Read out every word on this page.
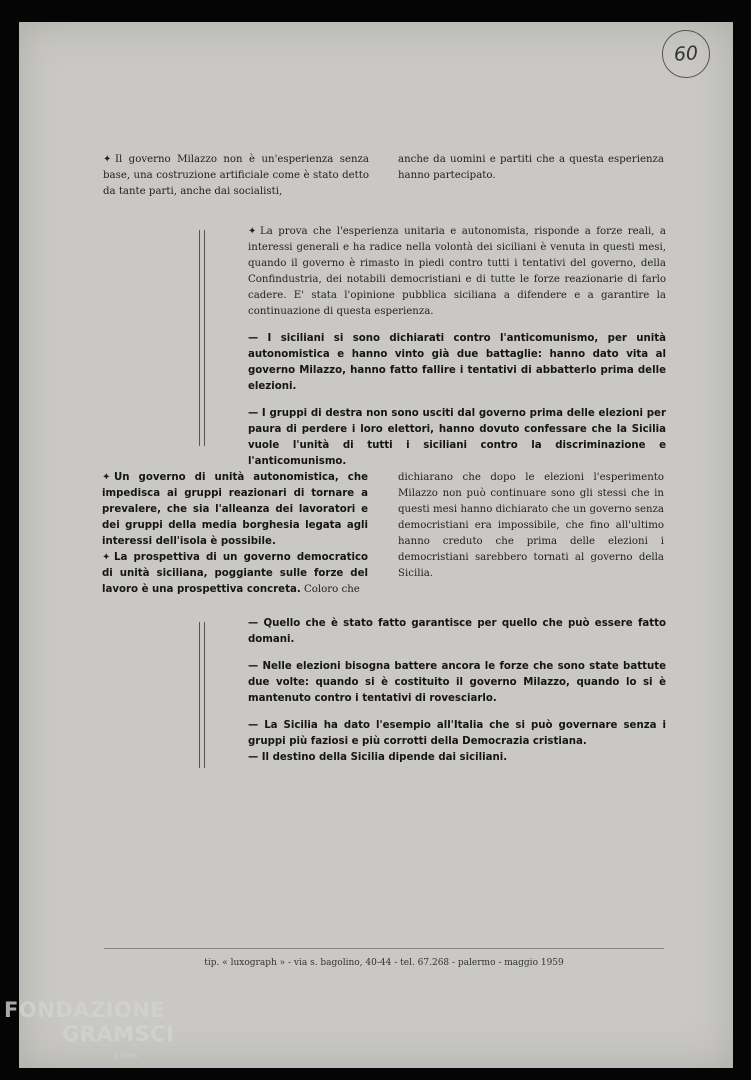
60
✦ Il governo Milazzo non è un'esperienza senza base, una costruzione artificiale come è stato detto da tante parti, anche dai socialisti,
anche da uomini e partiti che a questa esperienza hanno partecipato.

✦ La prova che l'esperienza unitaria e autonomista, risponde a forze reali, a interessi generali e ha radice nella volontà dei siciliani è venuta in questi mesi, quando il governo è rimasto in piedi contro tutti i tentativi del governo, della Confindustria, dei notabili democristiani e di tutte le forze reazionarie di farlo cadere. E' stata l'opinione pubblica siciliana a difendere e a garantire la continuazione di questa esperienza.

— I siciliani si sono dichiarati contro l'anticomunismo, per unità autonomistica e hanno vinto già due battaglie: hanno dato vita al governo Milazzo, hanno fatto fallire i tentativi di abbatterlo prima delle elezioni.

— I gruppi di destra non sono usciti dal governo prima delle elezioni per paura di perdere i loro elettori, hanno dovuto confessare che la Sicilia vuole l'unità di tutti i siciliani contro la discriminazione e l'anticomunismo.

✦ Un governo di unità autonomistica, che impedisca ai gruppi reazionari di tornare a prevalere, che sia l'alleanza dei lavoratori e dei gruppi della media borghesia legata agli interessi dell'isola è possibile.

✦ La prospettiva di un governo democratico di unità siciliana, poggiante sulle forze del lavoro è una prospettiva concreta. Coloro che

dichiarano che dopo le elezioni l'esperimento Milazzo non può continuare sono gli stessi che in questi mesi hanno dichiarato che un governo senza democristiani era impossibile, che fino all'ultimo hanno creduto che prima delle elezioni i democristiani sarebbero tornati al governo della Sicilia.

— Quello che è stato fatto garantisce per quello che può essere fatto domani.

— Nelle elezioni bisogna battere ancora le forze che sono state battute due volte: quando si è costituito il governo Milazzo, quando lo si è mantenuto contro i tentativi di rovesciarlo.

— La Sicilia ha dato l'esempio all'Italia che si può governare senza i gruppi più faziosi e più corrotti della Democrazia cristiana.

— Il destino della Sicilia dipende dai siciliani.

tip. « luxograph » - via s. bagolino, 40-44 - tel. 67.268 - palermo - maggio 1959
FONDAZIONE
GRAMSCI
onlus
